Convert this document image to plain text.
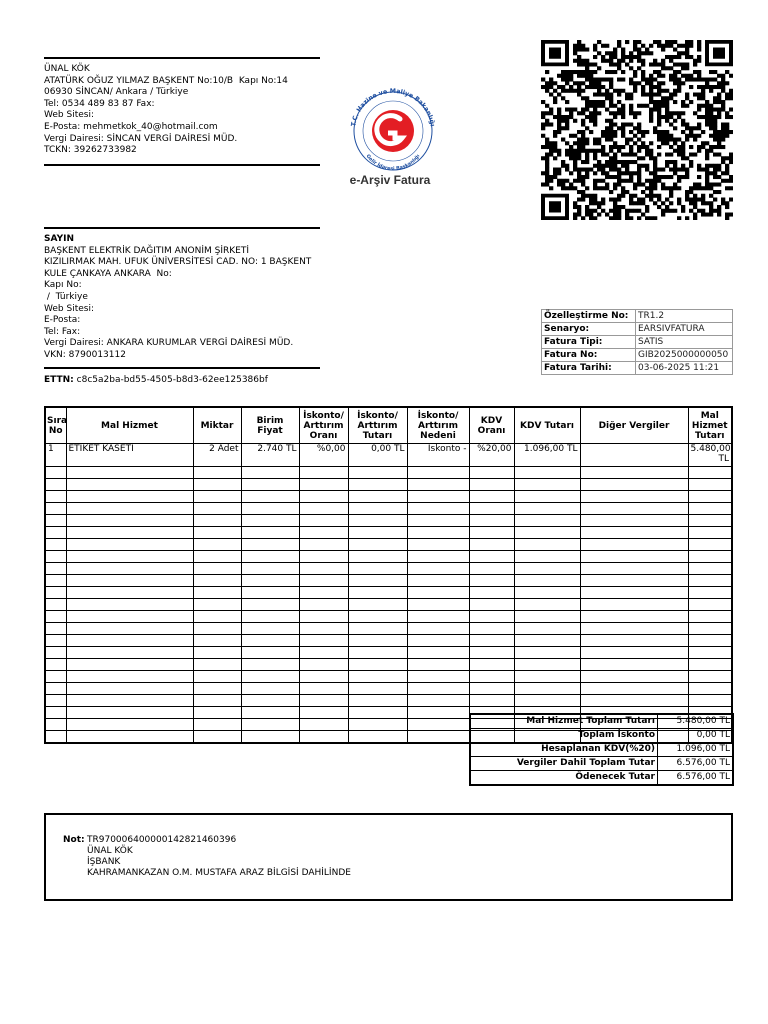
ÜNAL KÖK
ATATÜRK OĞUZ YILMAZ BAŞKENT No:10/B  Kapı No:14
06930 SİNCAN/ Ankara / Türkiye
Tel: 0534 489 83 87 Fax:
Web Sitesi:
E-Posta: mehmetkok_40@hotmail.com
Vergi Dairesi: SİNCAN VERGİ DAİRESİ MÜD.
TCKN: 39262733982
T.C. Hazine ve Maliye Bakanlığı
Gelir İdaresi Başkanlığı
e-Arşiv Fatura
SAYIN
BAŞKENT ELEKTRİK DAĞITIM ANONİM ŞİRKETİ
KIZILIRMAK MAH. UFUK ÜNİVERSİTESİ CAD. NO: 1 BAŞKENT
KULE ÇANKAYA ANKARA  No:
Kapı No:
/  Türkiye
Web Sitesi:
E-Posta:
Tel: Fax:
Vergi Dairesi: ANKARA KURUMLAR VERGİ DAİRESİ MÜD.
VKN: 8790013112
Özelleştirme No:	TR1.2
Senaryo:	EARSIVFATURA
Fatura Tipi:	SATIS
Fatura No:	GIB2025000000050
Fatura Tarihi:	03-06-2025 11:21
ETTN: c8c5a2ba-bd55-4505-b8d3-62ee125386bf
Sıra No	Mal Hizmet	Miktar	Birim Fiyat	İskonto/ Arttırım Oranı	İskonto/ Arttırım Tutarı	İskonto/ Arttırım Nedeni	KDV Oranı	KDV Tutarı	Diğer Vergiler	Mal Hizmet Tutarı
1	ETİKET KASETİ	2 Adet	2.740 TL	%0,00	0,00 TL	İskonto -	%20,00	1.096,00 TL		5.480,00 TL

Mal Hizmet Toplam Tutarı	5.480,00 TL
Toplam İskonto	0,00 TL
Hesaplanan KDV(%20)	1.096,00 TL
Vergiler Dahil Toplam Tutar	6.576,00 TL
Ödenecek Tutar	6.576,00 TL
Not: TR970006400000142821460396
ÜNAL KÖK
İŞBANK
KAHRAMANKAZAN O.M. MUSTAFA ARAZ BİLGİSİ DAHİLİNDE
